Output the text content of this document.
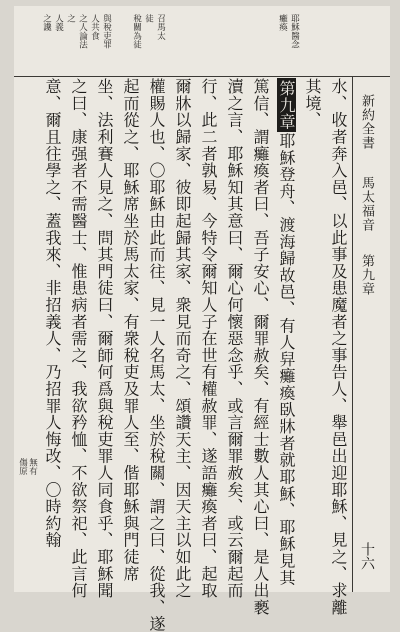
新約全書
馬太福音
第九章
十六
耶穌醫念
癱瘓
召馬太
徒
稅關為徒
與稅吏罪
人共食
之人論法
之
人義
之讒
水、收者奔入邑、以此事及患魔者之事告人、舉邑出迎耶穌、見之、求離
其境、
第九章耶穌登舟、渡海歸故邑、有人舁癱瘓臥牀者就耶穌、耶穌見其
篤信、謂癱瘓者曰、吾子安心、爾罪赦矣、有經士數人其心曰、是人出褻
瀆之言、耶穌知其意曰、爾心何懷惡念乎、或言爾罪赦矣、或云爾起而
行、此二者孰易、今特令爾知人子在世有權赦罪、遂語癱瘓者曰、起取
爾牀以歸家、彼即起歸其家、衆見而奇之、頌讚天主、因天主以如此之
權賜人也、〇耶穌由此而往、見一人名馬太、坐於稅關、謂之曰、從我、遂
起而從之、耶穌席坐於馬太家、有衆稅吏及罪人至、偕耶穌與門徒席
坐、法利賽人見之、問其門徒曰、爾師何爲與稅吏罪人同食乎、耶穌聞
之曰、康强者不需醫士、惟患病者需之、我欲矜恤、不欲祭祀、此言何
意、爾且往學之、蓋我來、非招義人、乃招罪人悔改、〇時約翰
無有
傷原
